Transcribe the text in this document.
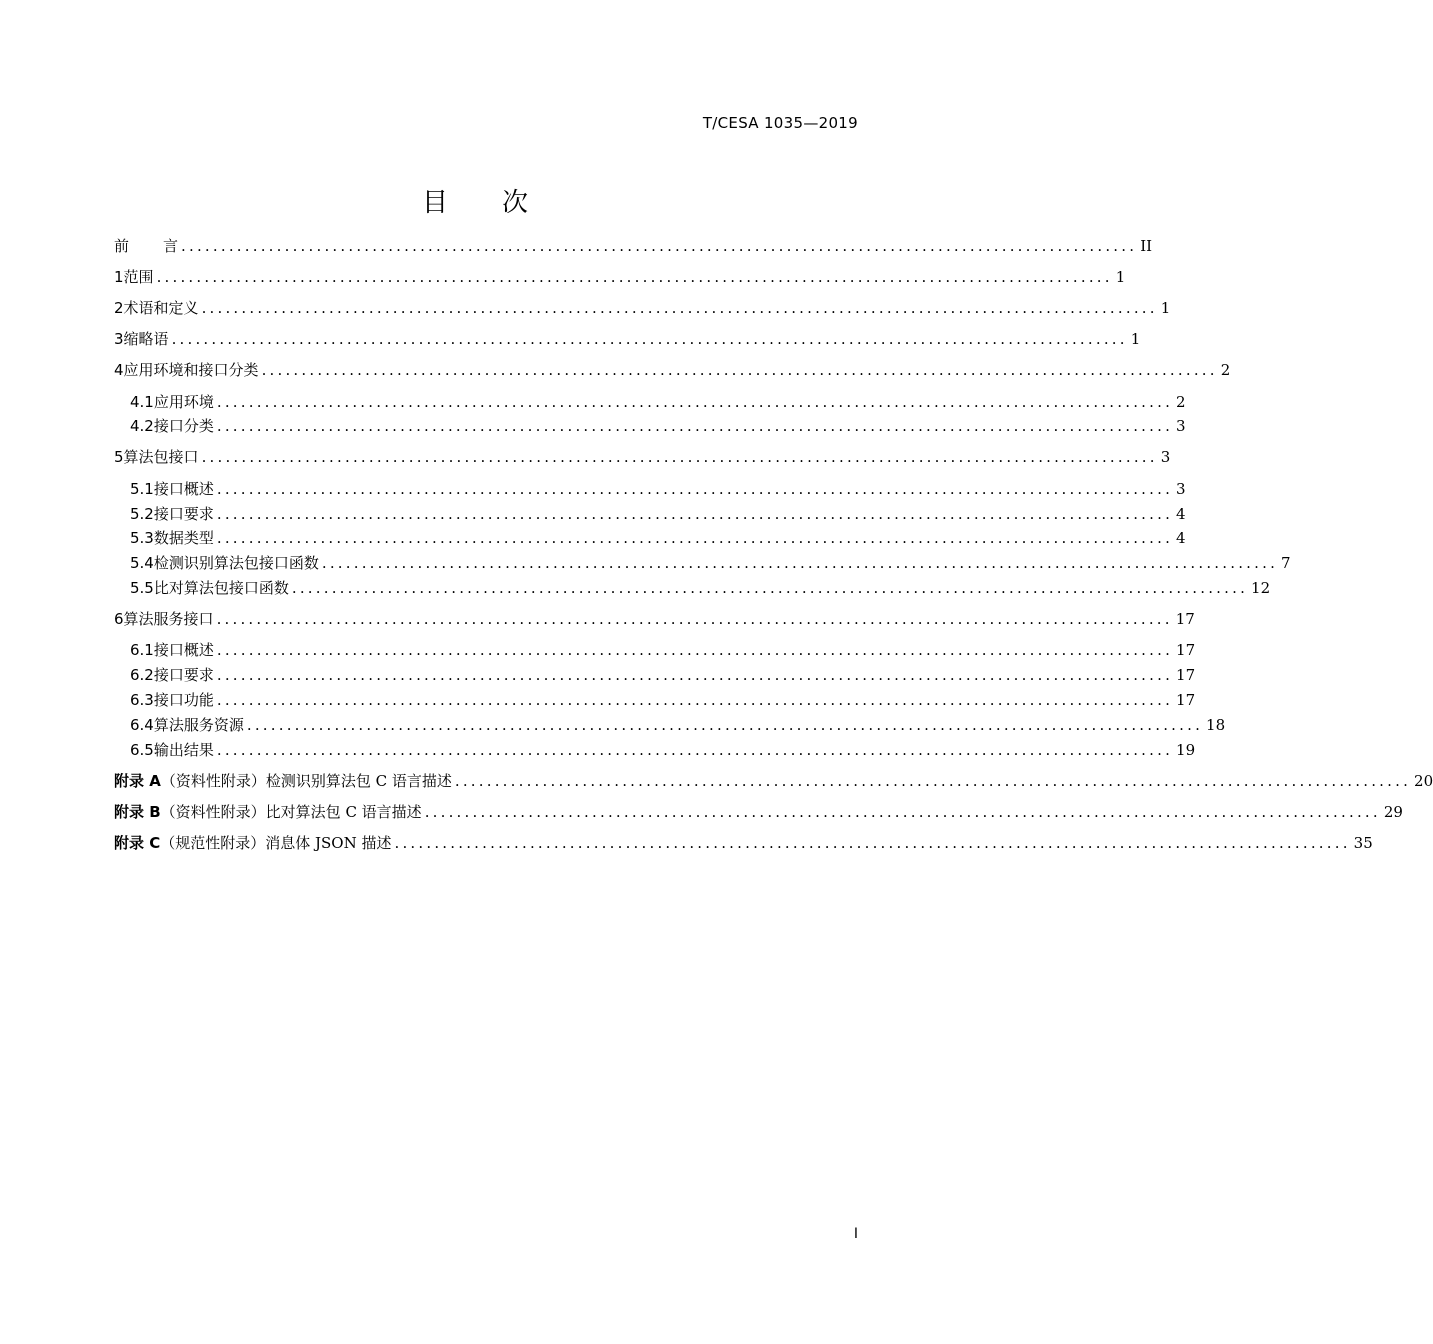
T/CESA 1035—2019
目 次
前 言 ........................................................................................................................ II
1 范围 ........................................................................................................................ 1
2 术语和定义 ........................................................................................................................ 1
3 缩略语 ........................................................................................................................ 1
4 应用环境和接口分类 ........................................................................................................................ 2
4.1 应用环境 ........................................................................................................................ 2
4.2 接口分类 ........................................................................................................................ 3
5 算法包接口 ........................................................................................................................ 3
5.1 接口概述 ........................................................................................................................ 3
5.2 接口要求 ........................................................................................................................ 4
5.3 数据类型 ........................................................................................................................ 4
5.4 检测识别算法包接口函数 ........................................................................................................................ 7
5.5 比对算法包接口函数 ........................................................................................................................ 12
6 算法服务接口 ........................................................................................................................ 17
6.1 接口概述 ........................................................................................................................ 17
6.2 接口要求 ........................................................................................................................ 17
6.3 接口功能 ........................................................................................................................ 17
6.4 算法服务资源 ........................................................................................................................ 18
6.5 输出结果 ........................................................................................................................ 19
附录 A （资料性附录） 检测识别算法包 C 语言描述 ........................................................................................................................ 20
附录 B （资料性附录） 比对算法包 C 语言描述 ........................................................................................................................ 29
附录 C （规范性附录） 消息体 JSON 描述 ........................................................................................................................ 35
I
